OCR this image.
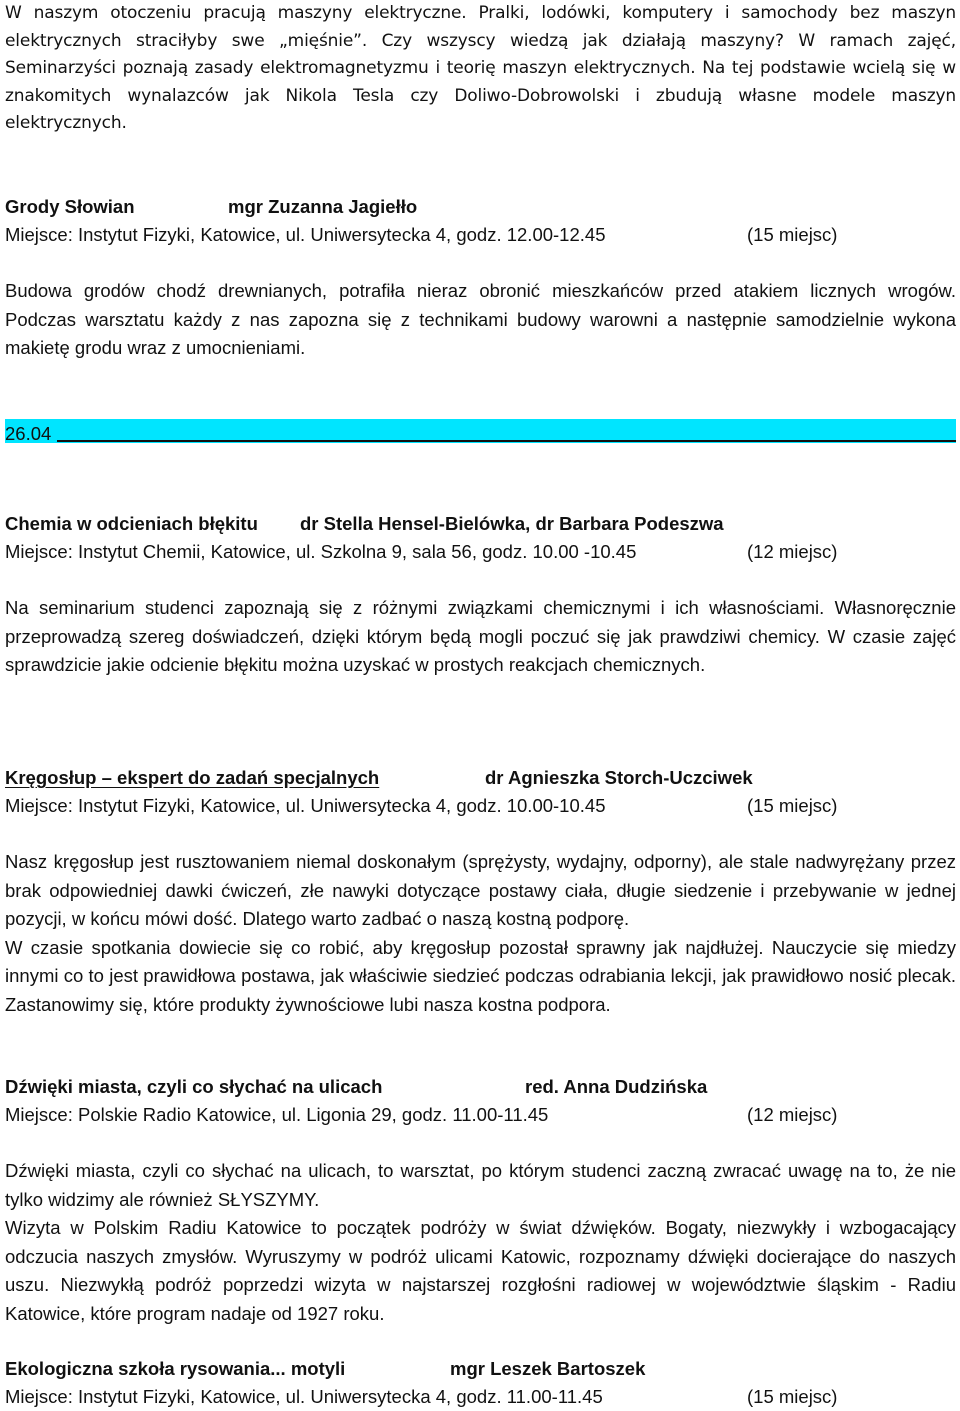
W naszym otoczeniu pracują maszyny elektryczne. Pralki, lodówki, komputery i samochody bez maszyn elektrycznych straciłyby swe „mięśnie”. Czy wszyscy wiedzą jak działają maszyny? W ramach zajęć, Seminarzyści poznają zasady elektromagnetyzmu i teorię maszyn elektrycznych. Na tej podstawie wcielą się w znakomitych wynalazców jak Nikola Tesla czy Doliwo-Dobrowolski i zbudują własne modele maszyn elektrycznych.

Grody Słowian	mgr Zuzanna Jagiełło

Miejsce: Instytut Fizyki, Katowice, ul. Uniwersytecka 4, godz. 12.00-12.45	(15 miejsc)

Budowa grodów chodź drewnianych, potrafiła nieraz obronić mieszkańców przed atakiem licznych wrogów. Podczas warsztatu każdy z nas zapozna się z technikami budowy warowni a następnie samodzielnie wykona makietę grodu wraz z umocnieniami.

26.04

Chemia w odcieniach błękitu dr Stella Hensel-Bielówka, dr Barbara Podeszwa

Miejsce: Instytut Chemii, Katowice, ul. Szkolna 9, sala 56, godz. 10.00 -10.45	(12 miejsc)

Na seminarium studenci zapoznają się z różnymi związkami chemicznymi i ich własnościami. Własnoręcznie przeprowadzą szereg doświadczeń, dzięki którym będą mogli poczuć się jak prawdziwi chemicy. W czasie zajęć sprawdzicie jakie odcienie błękitu można uzyskać w prostych reakcjach chemicznych.

Kręgosłup – ekspert do zadań specjalnych	dr Agnieszka Storch-Uczciwek

Miejsce: Instytut Fizyki, Katowice, ul. Uniwersytecka 4, godz. 10.00-10.45	(15 miejsc)

Nasz kręgosłup jest rusztowaniem niemal doskonałym (sprężysty, wydajny, odporny), ale stale nadwyrężany przez brak odpowiedniej dawki ćwiczeń, złe nawyki dotyczące postawy ciała, długie siedzenie i przebywanie w jednej pozycji, w końcu mówi dość. Dlatego warto zadbać o naszą kostną podporę.

W czasie spotkania dowiecie się co robić, aby kręgosłup pozostał sprawny jak najdłużej. Nauczycie się miedzy innymi co to jest prawidłowa postawa, jak właściwie siedzieć podczas odrabiania lekcji, jak prawidłowo nosić plecak. Zastanowimy się, które produkty żywnościowe lubi nasza kostna podpora.

Dźwięki miasta, czyli co słychać na ulicach	red. Anna Dudzińska

Miejsce: Polskie Radio Katowice, ul. Ligonia 29, godz. 11.00-11.45	(12 miejsc)

Dźwięki miasta, czyli co słychać na ulicach, to warsztat, po którym studenci zaczną zwracać uwagę na to, że nie tylko widzimy ale również SŁYSZYMY.

Wizyta w Polskim Radiu Katowice to początek podróży w świat dźwięków. Bogaty, niezwykły i wzbogacający odczucia naszych zmysłów. Wyruszymy w podróż ulicami Katowic, rozpoznamy dźwięki docierające do naszych uszu. Niezwykłą podróż poprzedzi wizyta w najstarszej rozgłośni radiowej w województwie śląskim - Radiu Katowice, które program nadaje od 1927 roku.

Ekologiczna szkoła rysowania... motyli	mgr Leszek Bartoszek

Miejsce: Instytut Fizyki, Katowice, ul. Uniwersytecka 4, godz. 11.00-11.45	(15 miejsc)
